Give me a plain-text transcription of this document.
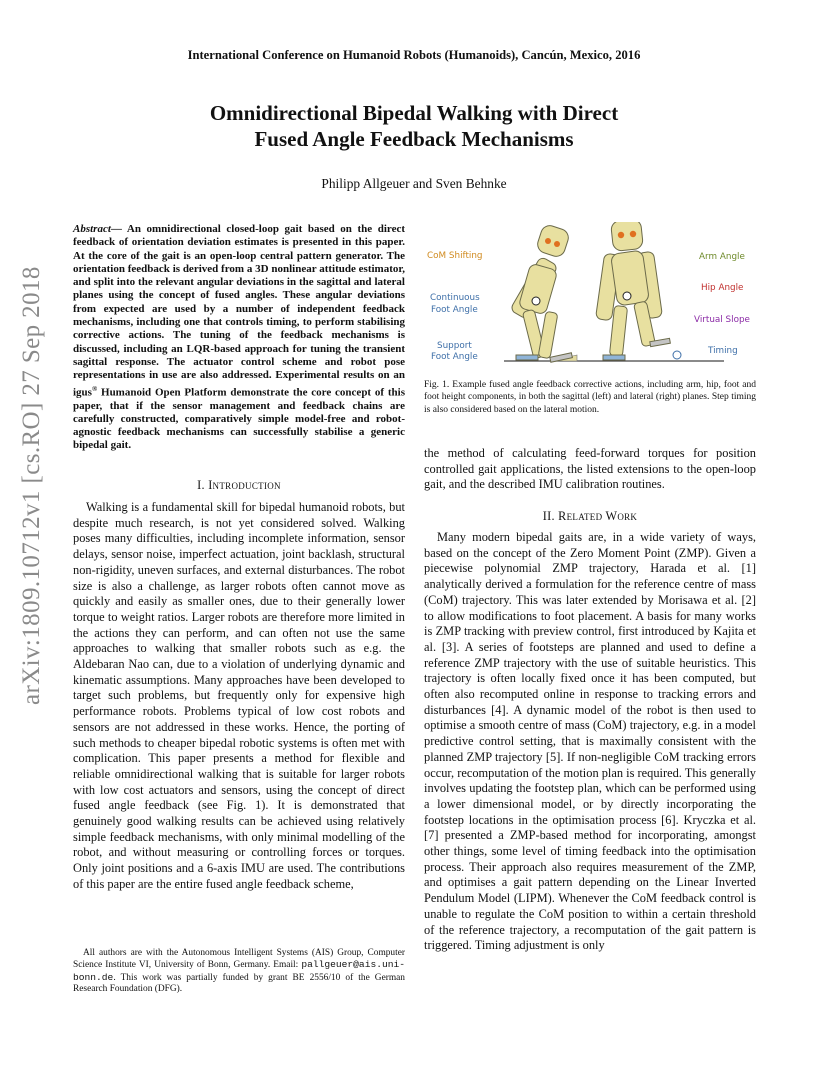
International Conference on Humanoid Robots (Humanoids), Cancún, Mexico, 2016
Omnidirectional Bipedal Walking with Direct
Fused Angle Feedback Mechanisms
Philipp Allgeuer and Sven Behnke
arXiv:1809.10712v1 [cs.RO] 27 Sep 2018
Abstract— An omnidirectional closed-loop gait based on the direct feedback of orientation deviation estimates is presented in this paper. At the core of the gait is an open-loop central pattern generator. The orientation feedback is derived from a 3D nonlinear attitude estimator, and split into the relevant angular deviations in the sagittal and lateral planes using the concept of fused angles. These angular deviations from expected are used by a number of independent feedback mechanisms, including one that controls timing, to perform stabilising corrective actions. The tuning of the feedback mechanisms is discussed, including an LQR-based approach for tuning the transient sagittal response. The actuator control scheme and robot pose representations in use are also addressed. Experimental results on an igus® Humanoid Open Platform demonstrate the core concept of this paper, that if the sensor management and feedback chains are carefully constructed, comparatively simple model-free and robot-agnostic feedback mechanisms can successfully stabilise a generic bipedal gait.
I. Introduction

Walking is a fundamental skill for bipedal humanoid robots, but despite much research, is not yet considered solved. Walking poses many difficulties, including incomplete information, sensor delays, sensor noise, imperfect actuation, joint backlash, structural non-rigidity, uneven surfaces, and external disturbances. The robot size is also a challenge, as larger robots often cannot move as quickly and easily as smaller ones, due to their generally lower torque to weight ratios. Larger robots are therefore more limited in the actions they can perform, and can often not use the same approaches to walking that smaller robots such as e.g. the Aldebaran Nao can, due to a violation of underlying dynamic and kinematic assumptions. Many approaches have been developed to target such problems, but frequently only for expensive high performance robots. Problems typical of low cost robots and sensors are not addressed in these works. Hence, the porting of such methods to cheaper bipedal robotic systems is often met with complication. This paper presents a method for flexible and reliable omnidirectional walking that is suitable for larger robots with low cost actuators and sensors, using the concept of direct fused angle feedback (see Fig. 1). It is demonstrated that genuinely good walking results can be achieved using relatively simple feedback mechanisms, with only minimal modelling of the robot, and without measuring or controlling forces or torques. Only joint positions and a 6-axis IMU are used. The contributions of this paper are the entire fused angle feedback scheme,

All authors are with the Autonomous Intelligent Systems (AIS) Group, Computer Science Institute VI, University of Bonn, Germany. Email: pallgeuer@ais.uni-bonn.de. This work was partially funded by grant BE 2556/10 of the German Research Foundation (DFG).
CoM Shifting
Continuous
Foot Angle
Support
Foot Angle
Arm Angle
Hip Angle
Virtual Slope
Timing
Fig. 1. Example fused angle feedback corrective actions, including arm, hip, foot and foot height components, in both the sagittal (left) and lateral (right) planes. Step timing is also considered based on the lateral motion.
the method of calculating feed-forward torques for position controlled gait applications, the listed extensions to the open-loop gait, and the described IMU calibration routines.
II. Related Work

Many modern bipedal gaits are, in a wide variety of ways, based on the concept of the Zero Moment Point (ZMP). Given a piecewise polynomial ZMP trajectory, Harada et al. [1] analytically derived a formulation for the reference centre of mass (CoM) trajectory. This was later extended by Morisawa et al. [2] to allow modifications to foot placement. A basis for many works is ZMP tracking with preview control, first introduced by Kajita et al. [3]. A series of footsteps are planned and used to define a reference ZMP trajectory with the use of suitable heuristics. This trajectory is often locally fixed once it has been computed, but often also recomputed online in response to tracking errors and disturbances [4]. A dynamic model of the robot is then used to optimise a smooth centre of mass (CoM) trajectory, e.g. in a model predictive control setting, that is maximally consistent with the planned ZMP trajectory [5]. If non-negligible CoM tracking errors occur, recomputation of the motion plan is required. This generally involves updating the footstep plan, which can be performed using a lower dimensional model, or by directly incorporating the footstep locations in the optimisation process [6]. Kryczka et al. [7] presented a ZMP-based method for incorporating, amongst other things, some level of timing feedback into the optimisation process. Their approach also requires measurement of the ZMP, and optimises a gait pattern depending on the Linear Inverted Pendulum Model (LIPM). Whenever the CoM feedback control is unable to regulate the CoM position to within a certain threshold of the reference trajectory, a recomputation of the gait pattern is triggered. Timing adjustment is only
